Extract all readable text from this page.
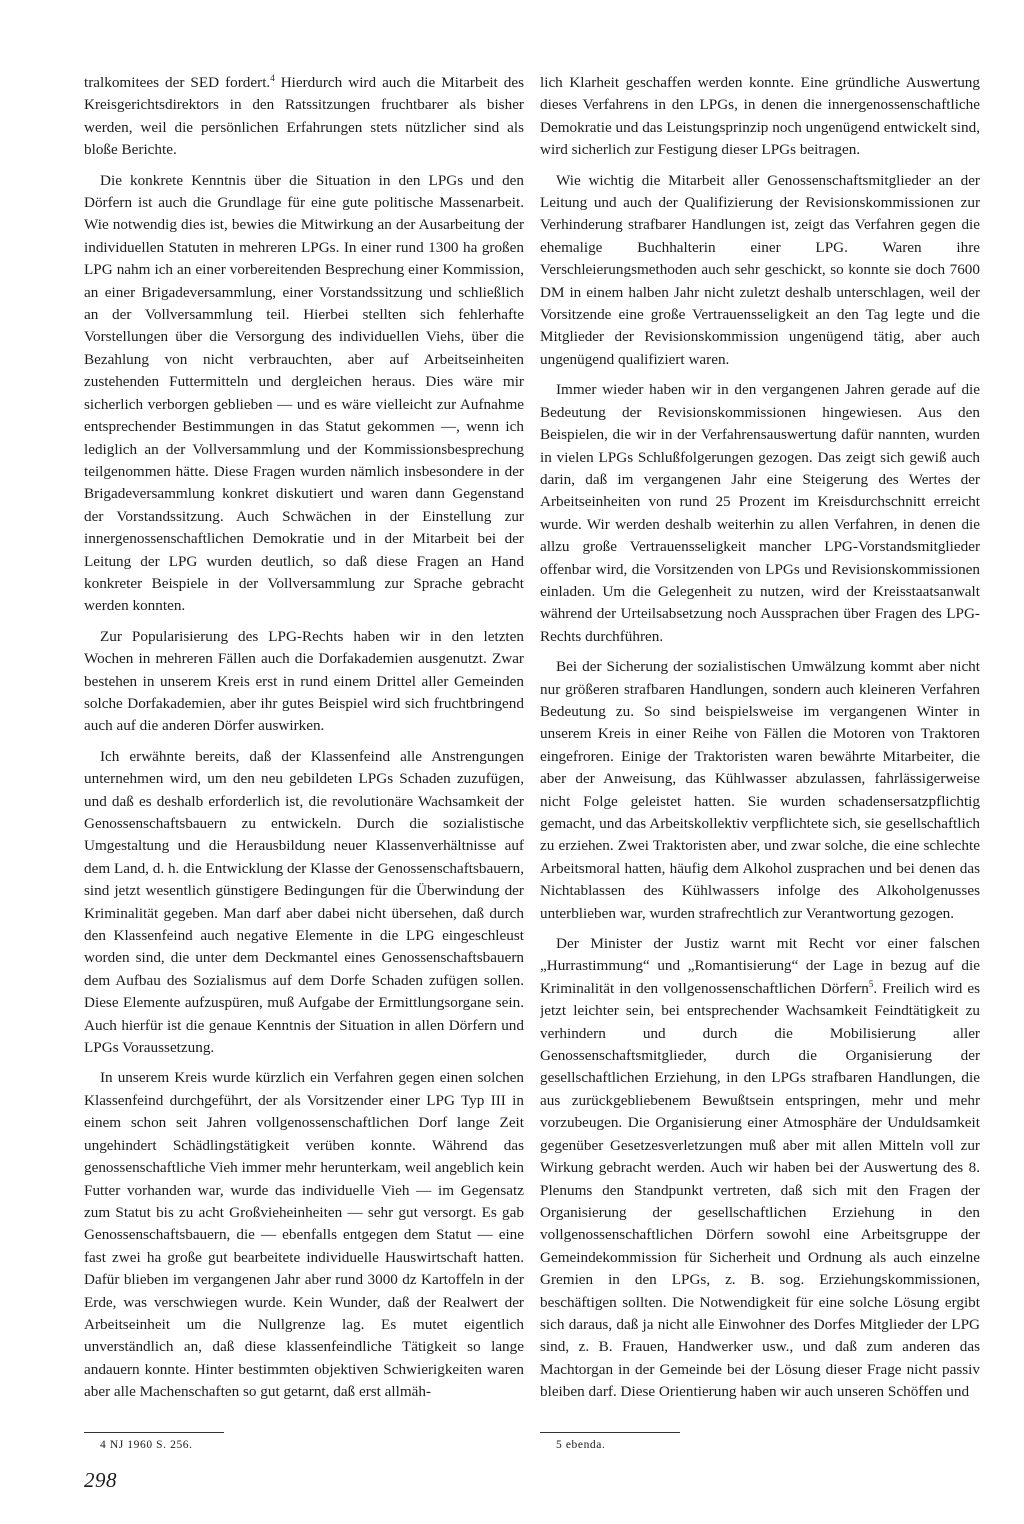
tralkomitees der SED fordert.$^4$ Hierdurch wird auch die Mitarbeit des Kreisgerichtsdirektors in den Ratssitzungen fruchtbarer als bisher werden, weil die persönlichen Erfahrungen stets nützlicher sind als bloße Berichte.

Die konkrete Kenntnis über die Situation in den LPGs und den Dörfern ist auch die Grundlage für eine gute politische Massenarbeit. Wie notwendig dies ist, bewies die Mitwirkung an der Ausarbeitung der individuellen Statuten in mehreren LPGs. In einer rund 1300 ha großen LPG nahm ich an einer vorbereitenden Besprechung einer Kommission, an einer Brigadeversammlung, einer Vorstandssitzung und schließlich an der Vollversammlung teil. Hierbei stellten sich fehlerhafte Vorstellungen über die Versorgung des individuellen Viehs, über die Bezahlung von nicht verbrauchten, aber auf Arbeitseinheiten zustehenden Futtermitteln und dergleichen heraus. Dies wäre mir sicherlich verborgen geblieben — und es wäre vielleicht zur Aufnahme entsprechender Bestimmungen in das Statut gekommen —, wenn ich lediglich an der Vollversammlung und der Kommissionsbesprechung teilgenommen hätte. Diese Fragen wurden nämlich insbesondere in der Brigadeversammlung konkret diskutiert und waren dann Gegenstand der Vorstandssitzung. Auch Schwächen in der Einstellung zur innergenossenschaftlichen Demokratie und in der Mitarbeit bei der Leitung der LPG wurden deutlich, so daß diese Fragen an Hand konkreter Beispiele in der Vollversammlung zur Sprache gebracht werden konnten.

Zur Popularisierung des LPG-Rechts haben wir in den letzten Wochen in mehreren Fällen auch die Dorfakademien ausgenutzt. Zwar bestehen in unserem Kreis erst in rund einem Drittel aller Gemeinden solche Dorfakademien, aber ihr gutes Beispiel wird sich fruchtbringend auch auf die anderen Dörfer auswirken.

Ich erwähnte bereits, daß der Klassenfeind alle Anstrengungen unternehmen wird, um den neu gebildeten LPGs Schaden zuzufügen, und daß es deshalb erforderlich ist, die revolutionäre Wachsamkeit der Genossenschaftsbauern zu entwickeln. Durch die sozialistische Umgestaltung und die Herausbildung neuer Klassenverhältnisse auf dem Land, d. h. die Entwicklung der Klasse der Genossenschaftsbauern, sind jetzt wesentlich günstigere Bedingungen für die Überwindung der Kriminalität gegeben. Man darf aber dabei nicht übersehen, daß durch den Klassenfeind auch negative Elemente in die LPG eingeschleust worden sind, die unter dem Deckmantel eines Genossenschaftsbauern dem Aufbau des Sozialismus auf dem Dorfe Schaden zufügen sollen. Diese Elemente aufzuspüren, muß Aufgabe der Ermittlungsorgane sein. Auch hierfür ist die genaue Kenntnis der Situation in allen Dörfern und LPGs Voraussetzung.

In unserem Kreis wurde kürzlich ein Verfahren gegen einen solchen Klassenfeind durchgeführt, der als Vorsitzender einer LPG Typ III in einem schon seit Jahren vollgenossenschaftlichen Dorf lange Zeit ungehindert Schädlingstätigkeit verüben konnte. Während das genossenschaftliche Vieh immer mehr herunterkam, weil angeblich kein Futter vorhanden war, wurde das individuelle Vieh — im Gegensatz zum Statut bis zu acht Großvieheinheiten — sehr gut versorgt. Es gab Genossenschaftsbauern, die — ebenfalls entgegen dem Statut — eine fast zwei ha große gut bearbeitete individuelle Hauswirtschaft hatten. Dafür blieben im vergangenen Jahr aber rund 3000 dz Kartoffeln in der Erde, was verschwiegen wurde. Kein Wunder, daß der Realwert der Arbeitseinheit um die Nullgrenze lag. Es mutet eigentlich unverständlich an, daß diese klassenfeindliche Tätigkeit so lange andauern konnte. Hinter bestimmten objektiven Schwierigkeiten waren aber alle Machenschaften so gut getarnt, daß erst allmäh-

lich Klarheit geschaffen werden konnte. Eine gründliche Auswertung dieses Verfahrens in den LPGs, in denen die innergenossenschaftliche Demokratie und das Leistungsprinzip noch ungenügend entwickelt sind, wird sicherlich zur Festigung dieser LPGs beitragen.

Wie wichtig die Mitarbeit aller Genossenschaftsmitglieder an der Leitung und auch der Qualifizierung der Revisionskommissionen zur Verhinderung strafbarer Handlungen ist, zeigt das Verfahren gegen die ehemalige Buchhalterin einer LPG. Waren ihre Verschleierungsmethoden auch sehr geschickt, so konnte sie doch 7600 DM in einem halben Jahr nicht zuletzt deshalb unterschlagen, weil der Vorsitzende eine große Vertrauensseligkeit an den Tag legte und die Mitglieder der Revisionskommission ungenügend tätig, aber auch ungenügend qualifiziert waren.

Immer wieder haben wir in den vergangenen Jahren gerade auf die Bedeutung der Revisionskommissionen hingewiesen. Aus den Beispielen, die wir in der Verfahrensauswertung dafür nannten, wurden in vielen LPGs Schlußfolgerungen gezogen. Das zeigt sich gewiß auch darin, daß im vergangenen Jahr eine Steigerung des Wertes der Arbeitseinheiten von rund 25 Prozent im Kreisdurchschnitt erreicht wurde. Wir werden deshalb weiterhin zu allen Verfahren, in denen die allzu große Vertrauensseligkeit mancher LPG-Vorstandsmitglieder offenbar wird, die Vorsitzenden von LPGs und Revisionskommissionen einladen. Um die Gelegenheit zu nutzen, wird der Kreisstaatsanwalt während der Urteilsabsetzung noch Aussprachen über Fragen des LPG-Rechts durchführen.

Bei der Sicherung der sozialistischen Umwälzung kommt aber nicht nur größeren strafbaren Handlungen, sondern auch kleineren Verfahren Bedeutung zu. So sind beispielsweise im vergangenen Winter in unserem Kreis in einer Reihe von Fällen die Motoren von Traktoren eingefroren. Einige der Traktoristen waren bewährte Mitarbeiter, die aber der Anweisung, das Kühlwasser abzulassen, fahrlässigerweise nicht Folge geleistet hatten. Sie wurden schadensersatzpflichtig gemacht, und das Arbeitskollektiv verpflichtete sich, sie gesellschaftlich zu erziehen. Zwei Traktoristen aber, und zwar solche, die eine schlechte Arbeitsmoral hatten, häufig dem Alkohol zusprachen und bei denen das Nichtablassen des Kühlwassers infolge des Alkoholgenusses unterblieben war, wurden strafrechtlich zur Verantwortung gezogen.

Der Minister der Justiz warnt mit Recht vor einer falschen „Hurrastimmung“ und „Romantisierung“ der Lage in bezug auf die Kriminalität in den vollgenossenschaftlichen Dörfern$^5$. Freilich wird es jetzt leichter sein, bei entsprechender Wachsamkeit Feindtätigkeit zu verhindern und durch die Mobilisierung aller Genossenschaftsmitglieder, durch die Organisierung der gesellschaftlichen Erziehung, in den LPGs strafbaren Handlungen, die aus zurückgebliebenem Bewußtsein entspringen, mehr und mehr vorzubeugen. Die Organisierung einer Atmosphäre der Unduldsamkeit gegenüber Gesetzesverletzungen muß aber mit allen Mitteln voll zur Wirkung gebracht werden. Auch wir haben bei der Auswertung des 8. Plenums den Standpunkt vertreten, daß sich mit den Fragen der Organisierung der gesellschaftlichen Erziehung in den vollgenossenschaftlichen Dörfern sowohl eine Arbeitsgruppe der Gemeindekommission für Sicherheit und Ordnung als auch einzelne Gremien in den LPGs, z. B. sog. Erziehungskommissionen, beschäftigen sollten. Die Notwendigkeit für eine solche Lösung ergibt sich daraus, daß ja nicht alle Einwohner des Dorfes Mitglieder der LPG sind, z. B. Frauen, Handwerker usw., und daß zum anderen das Machtorgan in der Gemeinde bei der Lösung dieser Frage nicht passiv bleiben darf. Diese Orientierung haben wir auch unseren Schöffen und

4 NJ 1960 S. 256.	5 ebenda.
298
